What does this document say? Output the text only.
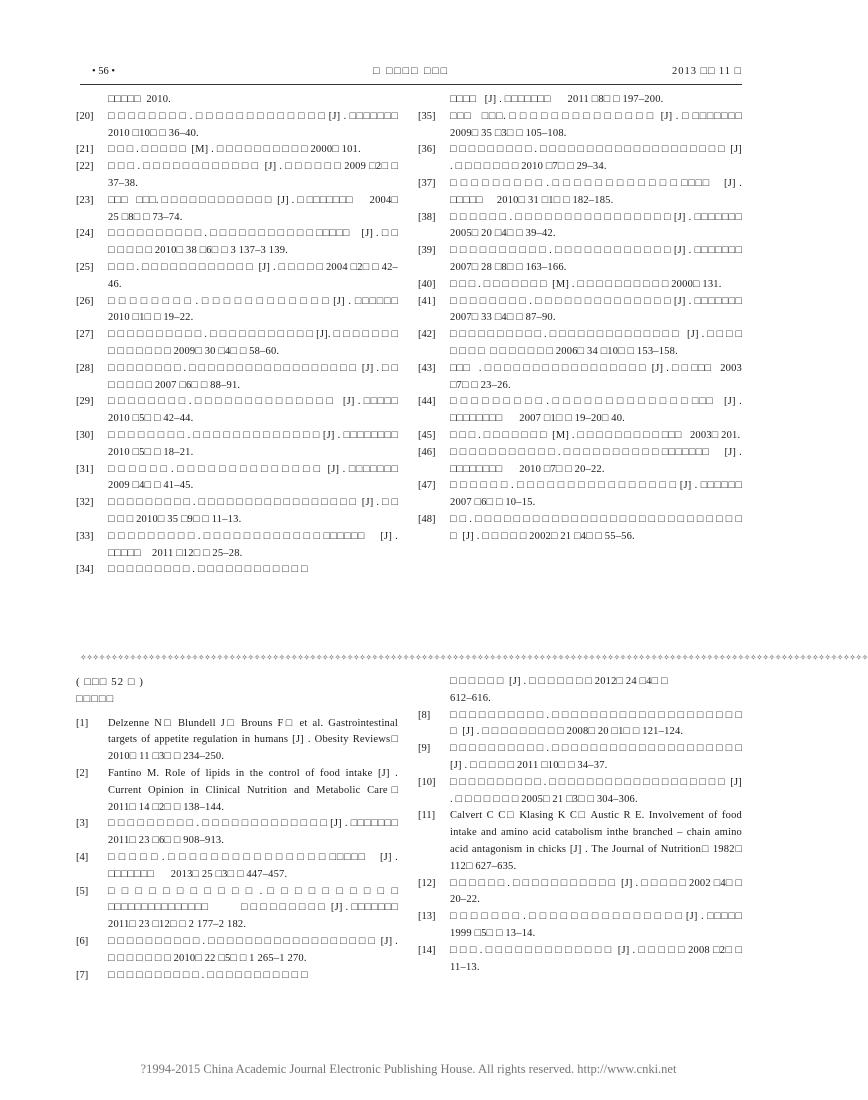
• 56 •	□ □□□□ □□□	2013 □□ 11 □
□□□□□  2010.
[20]	□ □ □ □ □ □ □ □ . □ □ □ □ □ □ □ □ □ □ □ □ □ [J] . □□□□□□□      2010 □10□ □ 36–40.
[21]	□ □ □ . □ □ □ □ □  [M] . □ □ □ □ □ □ □ □ □ □ 2000□ 101.
[22]	□ □ □ . □ □ □ □ □ □ □ □ □ □ □ □  [J] . □ □ □ □ □ □ 2009 □2□ □ 37–38.
[23]	□□□   □□□. □ □ □ □ □ □ □ □ □ □ □ □  [J] . □ □□□□□□□      2004□ 25 □8□ □ 73–74.
[24]	□ □ □ □ □ □ □ □ □ □ . □ □ □ □ □ □ □ □ □ □ □ □□□□□    [J] . □ □ □ □ □ □ □ 2010□ 38 □6□ □ 3 137–3 139.
[25]	□ □ □ . □ □ □ □ □ □ □ □ □ □ □ □  [J] . □ □ □ □ □ 2004 □2□ □ 42–46.
[26]	□ □ □ □ □ □ □ □ . □ □ □ □ □ □ □ □ □ □ □ □ [J] . □□□□□□      2010 □1□ □ 19–22.
[27]	□ □ □ □ □ □ □ □ □ □ . □ □ □ □ □ □ □ □ □ □ □ [J]. □ □ □ □ □ □ □  □ □ □ □ □ □ □ 2009□ 30 □4□ □ 58–60.
[28]	□ □ □ □ □ □ □ □ . □ □ □ □ □ □ □ □ □ □ □ □ □ □ □ □ □ □  [J] . □ □ □ □ □ □ □ 2007 □6□ □ 88–91.
[29]	□ □ □ □ □ □ □ □ . □ □ □ □ □ □ □ □ □ □ □ □ □ □   [J] . □□□□□     2010 □5□ □ 42–44.
[30]	□ □ □ □ □ □ □ □ . □ □ □ □ □ □ □ □ □ □ □ □ □ [J] . □□□□□□□□      2010 □5□ □ 18–21.
[31]	□ □ □ □ □ □ . □ □ □ □ □ □ □ □ □ □ □ □ □ □  [J] . □□□□□□□      2009 □4□ □ 41–45.
[32]	□ □ □ □ □ □ □ □ □ . □ □ □ □ □ □ □ □ □ □ □ □ □ □ □ □ □  [J] . □ □ □ □ □ 2010□ 35 □9□ □ 11–13.
[33]	□ □ □ □ □ □ □ □ □ . □ □ □ □ □ □ □ □ □ □ □ □ □□□□□□     [J] . □□□□□    2011 □12□ □ 25–28.
[34]	□ □ □ □ □ □ □ □ □ . □ □ □ □ □ □ □ □ □ □ □ □
□□□□   [J] . □□□□□□□      2011 □8□ □ 197–200.
[35]	□□□   □□□. □ □ □ □ □ □ □ □ □ □ □ □ □ □  [J] . □ □□□□□□□     2009□ 35 □3□ □ 105–108.
[36]	□ □ □ □ □ □ □ □ □ . □ □ □ □ □ □ □ □ □ □ □ □ □ □ □ □ □ □ □ □  [J] . □ □ □ □ □ □ □ 2010 □7□ □ 29–34.
[37]	□ □ □ □ □ □ □ □ □ . □ □ □ □ □ □ □ □ □ □ □ □ □□□□    [J] . □□□□□     2010□ 31 □1□ □ 182–185.
[38]	□ □ □ □ □ □ . □ □ □ □ □ □ □ □ □ □ □ □ □ □ □ □ [J] . □□□□□□□      2005□ 20 □4□ □ 39–42.
[39]	□ □ □ □ □ □ □ □ □ □ . □ □ □ □ □ □ □ □ □ □ □ □ [J] . □□□□□□□      2007□ 28 □8□ □ 163–166.
[40]	□ □ □ . □ □ □ □ □ □ □  [M] . □ □ □ □ □ □ □ □ □ □ 2000□ 131.
[41]	□ □ □ □ □ □ □ □ . □ □ □ □ □ □ □ □ □ □ □ □ □ □ [J] . □□□□□□□      2007□ 33 □4□ □ 87–90.
[42]	□ □ □ □ □ □ □ □ □ □ . □ □ □ □ □ □ □ □ □ □ □ □ □ □   [J] . □ □ □ □ □ □ □ □  □ □ □ □ □ □ □ 2006□ 34 □10□ □ 153–158.
[43]	□□□   . □ □ □ □ □ □ □ □ □ □ □ □ □ □ □ □ □  [J] . □ □ □□□   2003 □7□ □ 23–26.
[44]	□ □ □ □ □ □ □ □ □ . □ □ □ □ □ □ □ □ □ □ □ □ □ □□□   [J] . □□□□□□□□      2007 □1□ □ 19–20□ 40.
[45]	□ □ □ . □ □ □ □ □ □ □  [M] . □ □ □ □ □ □ □ □ □ □□□   2003□ 201.
[46]	□ □ □ □ □ □ □ □ □ □ □ . □ □ □ □ □ □ □ □ □ □ □□□□□□□     [J] . □□□□□□□□      2010 □7□ □ 20–22.
[47]	□ □ □ □ □ □ . □ □ □ □ □ □ □ □ □ □ □ □ □ □ □ □ [J] . □□□□□□      2007 □6□ □ 10–15.
[48]	□ □ . □ □ □ □ □ □ □ □ □ □ □ □ □ □ □ □ □ □ □ □ □ □ □ □ □ □ □ □ □  [J] . □ □ □ □ □ 2002□ 21 □4□ □ 55–56.
✧✧✧✧✧✧✧✧✧✧✧✧✧✧✧✧✧✧✧✧✧✧✧✧✧✧✧✧✧✧✧✧✧✧✧✧✧✧✧✧✧✧✧✧✧✧✧✧✧✧✧✧✧✧✧✧✧✧✧✧✧✧✧✧✧✧✧✧✧✧✧✧✧✧✧✧✧✧✧✧✧✧✧✧✧✧✧✧✧✧✧✧✧✧✧✧✧✧✧✧✧✧✧✧✧✧✧✧✧✧✧✧✧✧✧✧✧✧✧✧✧✧✧✧✧✧✧
( □□□ 52 □ )
□□□□□
[1]	Delzenne N□ Blundell J□ Brouns F□ et al. Gastrointestinal targets of appetite regulation in humans [J] . Obesity Reviews□ 2010□ 11 □3□ □ 234–250.
[2]	Fantino M. Role of lipids in the control of food intake [J] . Current Opinion in Clinical Nutrition and Metabolic Care□ 2011□ 14 □2□ □ 138–144.
[3]	□ □ □ □ □ □ □ □ □ . □ □ □ □ □ □ □ □ □ □ □ □ □ [J] . □□□□□□□      2011□ 23 □6□ □ 908–913.
[4]	□ □ □ □ □ . □ □ □ □ □ □ □ □ □ □ □ □ □ □ □ □□□□□    [J] . □□□□□□□      2013□ 25 □3□ □ 447–457.
[5]	□ □ □ □ □ □ □ □ □ □ □ . □ □ □ □ □ □ □ □ □ □ □□□□□□□□□□□□□□□           □ □ □ □ □ □ □ □ □  [J] . □□□□□□□      2011□ 23 □12□ □ 2 177–2 182.
[6]	□ □ □ □ □ □ □ □ □ □ . □ □ □ □ □ □ □ □ □ □ □ □ □ □ □ □ □ □  [J] . □ □ □ □ □ □ □ 2010□ 22 □5□ □ 1 265–1 270.
[7]	□ □ □ □ □ □ □ □ □ □ . □ □ □ □ □ □ □ □ □ □ □
□ □ □ □ □ □  [J] . □ □ □ □ □ □ □ 2012□ 24 □4□ □
612–616.
[8]	□ □ □ □ □ □ □ □ □ □ . □ □ □ □ □ □ □ □ □ □ □ □ □ □ □ □ □ □ □ □ □  [J] . □ □ □ □ □ □ □ □ □ 2008□ 20 □1□ □ 121–124.
[9]	□ □ □ □ □ □ □ □ □ □ . □ □ □ □ □ □ □ □ □ □ □ □ □ □ □ □ □ □ □ □  [J] . □ □ □ □ □ 2011 □10□ □ 34–37.
[10]	□ □ □ □ □ □ □ □ □ □ . □ □ □ □ □ □ □ □ □ □ □ □ □ □ □ □ □ □ □  [J] . □ □ □ □ □ □ □ 2005□ 21 □3□ □ 304–306.
[11]	Calvert C C□ Klasing K C□ Austic R E. Involvement of food intake and amino acid catabolism inthe branched – chain amino acid antagonism in chicks [J] . The Journal of Nutrition□ 1982□ 112□ 627–635.
[12]	□ □ □ □ □ □ . □ □ □ □ □ □ □ □ □ □ □  [J] . □ □ □ □ □ 2002 □4□ □ 20–22.
[13]	□ □ □ □ □ □ □ . □ □ □ □ □ □ □ □ □ □ □ □ □ □ □ [J] . □□□□□      1999 □5□ □ 13–14.
[14]	□ □ □ . □ □ □ □ □ □ □ □ □ □ □ □ □  [J] . □ □ □ □ □ 2008 □2□ □ 11–13.
?1994-2015 China Academic Journal Electronic Publishing House. All rights reserved. http://www.cnki.net
